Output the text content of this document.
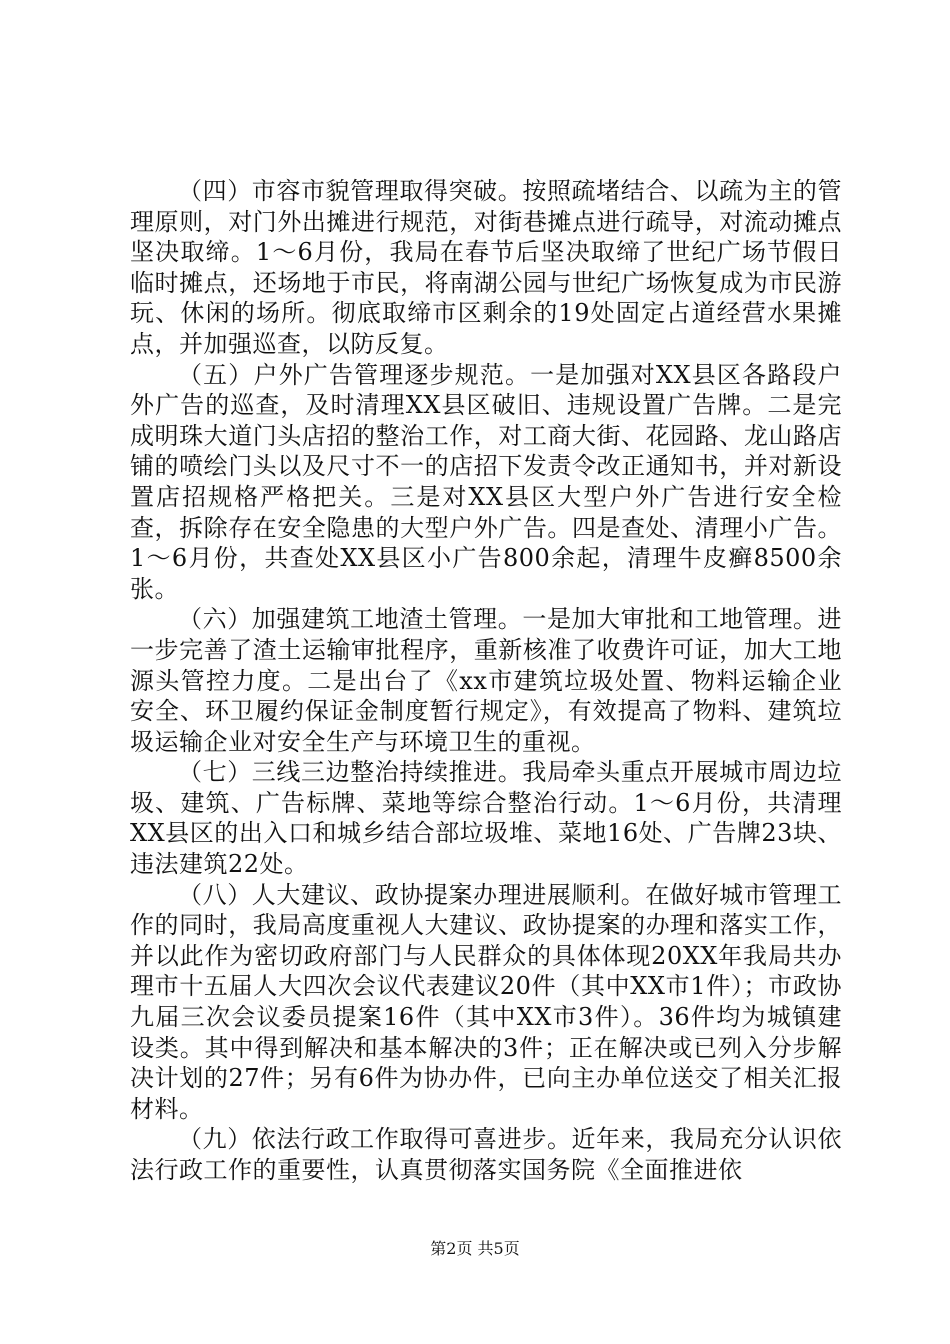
（四）市容市貌管理取得突破。按照疏堵结合、以疏为主的管理原则，对门外出摊进行规范，对街巷摊点进行疏导，对流动摊点坚决取缔。1～6月份，我局在春节后坚决取缔了世纪广场节假日临时摊点，还场地于市民，将南湖公园与世纪广场恢复成为市民游玩、休闲的场所。彻底取缔市区剩余的19处固定占道经营水果摊点，并加强巡查，以防反复。

（五）户外广告管理逐步规范。一是加强对XX县区各路段户外广告的巡查，及时清理XX县区破旧、违规设置广告牌。二是完成明珠大道门头店招的整治工作，对工商大街、花园路、龙山路店铺的喷绘门头以及尺寸不一的店招下发责令改正通知书，并对新设置店招规格严格把关。三是对XX县区大型户外广告进行安全检查，拆除存在安全隐患的大型户外广告。四是查处、清理小广告。1～6月份，共查处XX县区小广告800余起，清理牛皮癣8500余张。

（六）加强建筑工地渣土管理。一是加大审批和工地管理。进一步完善了渣土运输审批程序，重新核准了收费许可证，加大工地源头管控力度。二是出台了《xx市建筑垃圾处置、物料运输企业安全、环卫履约保证金制度暂行规定》，有效提高了物料、建筑垃圾运输企业对安全生产与环境卫生的重视。

（七）三线三边整治持续推进。我局牵头重点开展城市周边垃圾、建筑、广告标牌、菜地等综合整治行动。1～6月份，共清理XX县区的出入口和城乡结合部垃圾堆、菜地16处、广告牌23块、违法建筑22处。

（八）人大建议、政协提案办理进展顺利。在做好城市管理工作的同时，我局高度重视人大建议、政协提案的办理和落实工作，并以此作为密切政府部门与人民群众的具体体现20XX年我局共办理市十五届人大四次会议代表建议20件（其中XX市1件）；市政协九届三次会议委员提案16件（其中XX市3件）。36件均为城镇建设类。其中得到解决和基本解决的3件；正在解决或已列入分步解决计划的27件；另有6件为协办件，已向主办单位送交了相关汇报材料。

（九）依法行政工作取得可喜进步。近年来，我局充分认识依法行政工作的重要性，认真贯彻落实国务院《全面推进依

第2页 共5页
